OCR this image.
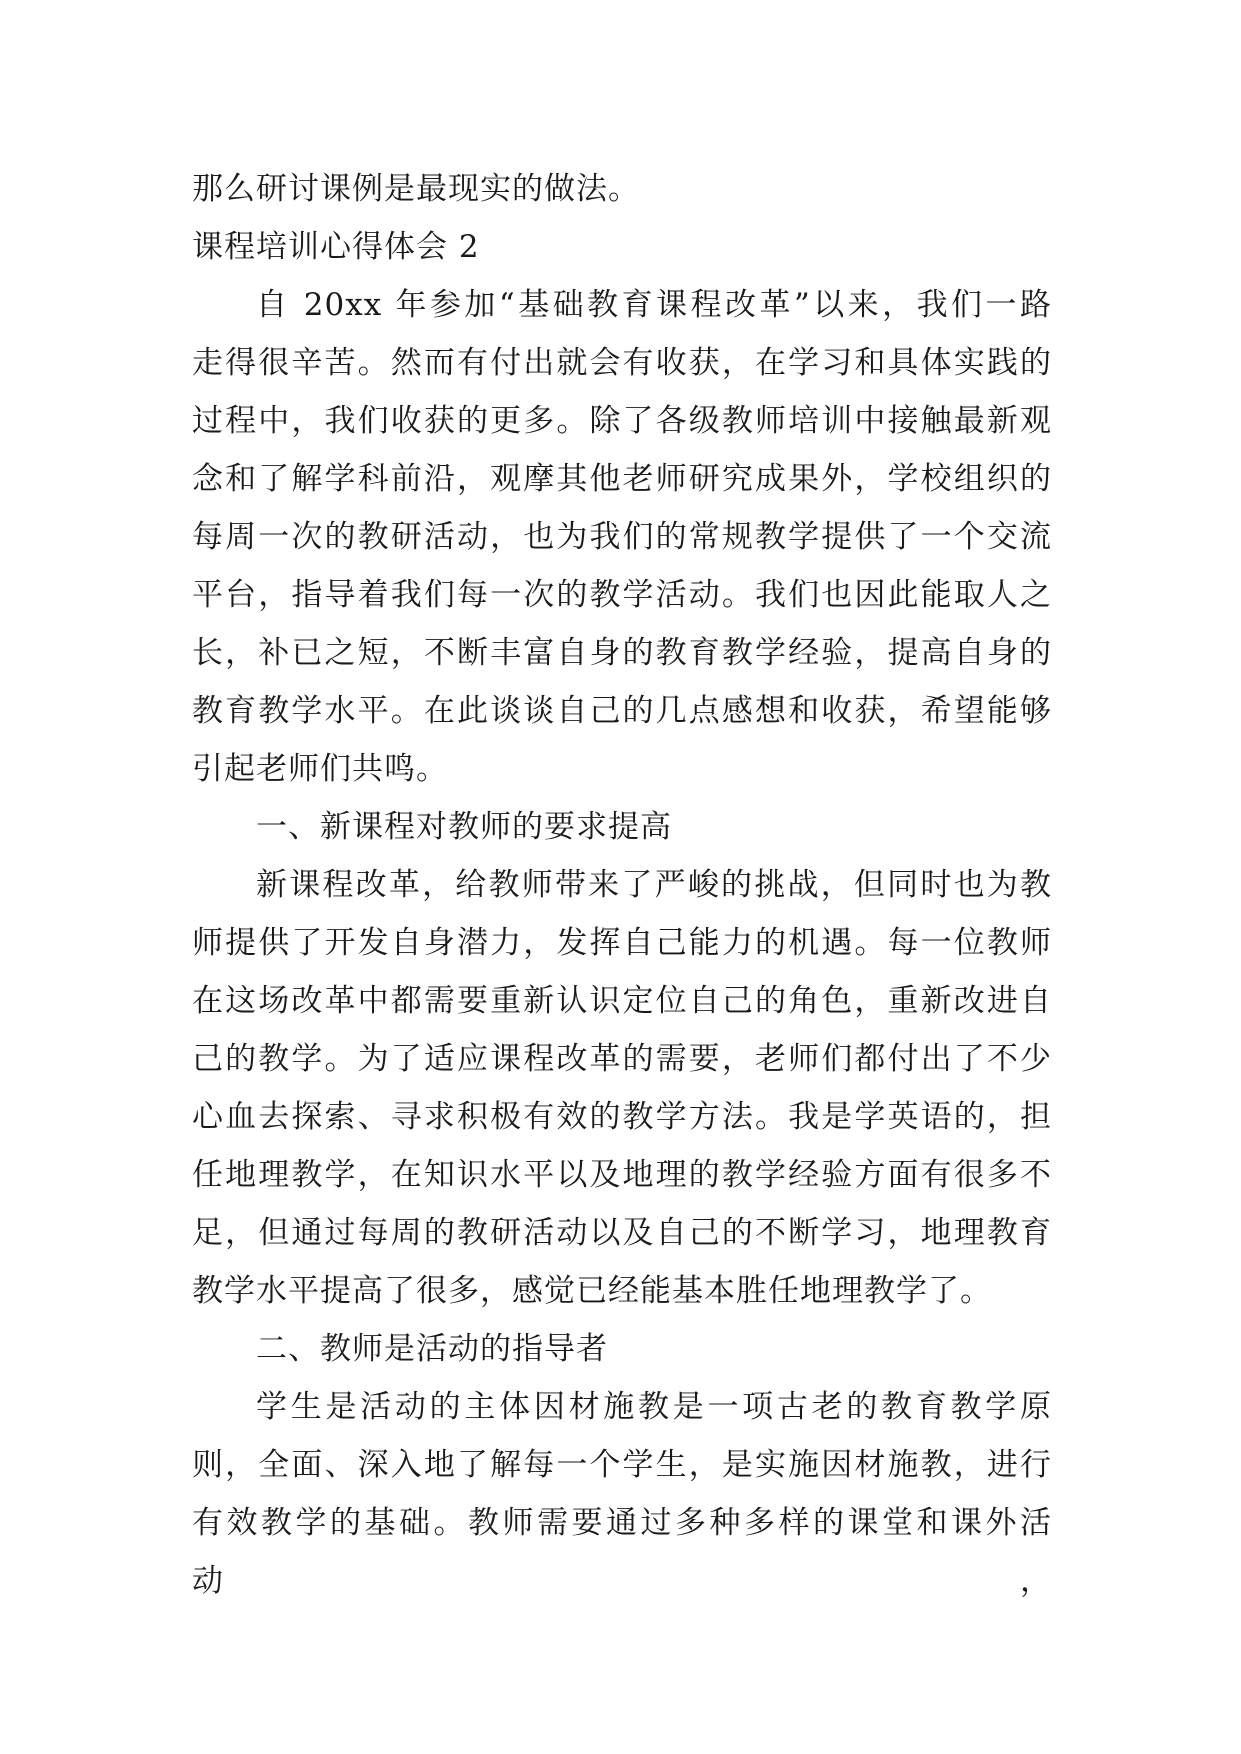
那么研讨课例是最现实的做法。
课程培训心得体会 2
自 20xx 年参加“基础教育课程改革”以来，我们一路
走得很辛苦。然而有付出就会有收获，在学习和具体实践的
过程中，我们收获的更多。除了各级教师培训中接触最新观
念和了解学科前沿，观摩其他老师研究成果外，学校组织的
每周一次的教研活动，也为我们的常规教学提供了一个交流
平台，指导着我们每一次的教学活动。我们也因此能取人之
长，补已之短，不断丰富自身的教育教学经验，提高自身的
教育教学水平。在此谈谈自己的几点感想和收获，希望能够
引起老师们共鸣。
一、新课程对教师的要求提高
新课程改革，给教师带来了严峻的挑战，但同时也为教
师提供了开发自身潜力，发挥自己能力的机遇。每一位教师
在这场改革中都需要重新认识定位自己的角色，重新改进自
己的教学。为了适应课程改革的需要，老师们都付出了不少
心血去探索、寻求积极有效的教学方法。我是学英语的，担
任地理教学，在知识水平以及地理的教学经验方面有很多不
足，但通过每周的教研活动以及自己的不断学习，地理教育
教学水平提高了很多，感觉已经能基本胜任地理教学了。
二、教师是活动的指导者
学生是活动的主体因材施教是一项古老的教育教学原
则，全面、深入地了解每一个学生，是实施因材施教，进行
有效教学的基础。教师需要通过多种多样的课堂和课外活动，
